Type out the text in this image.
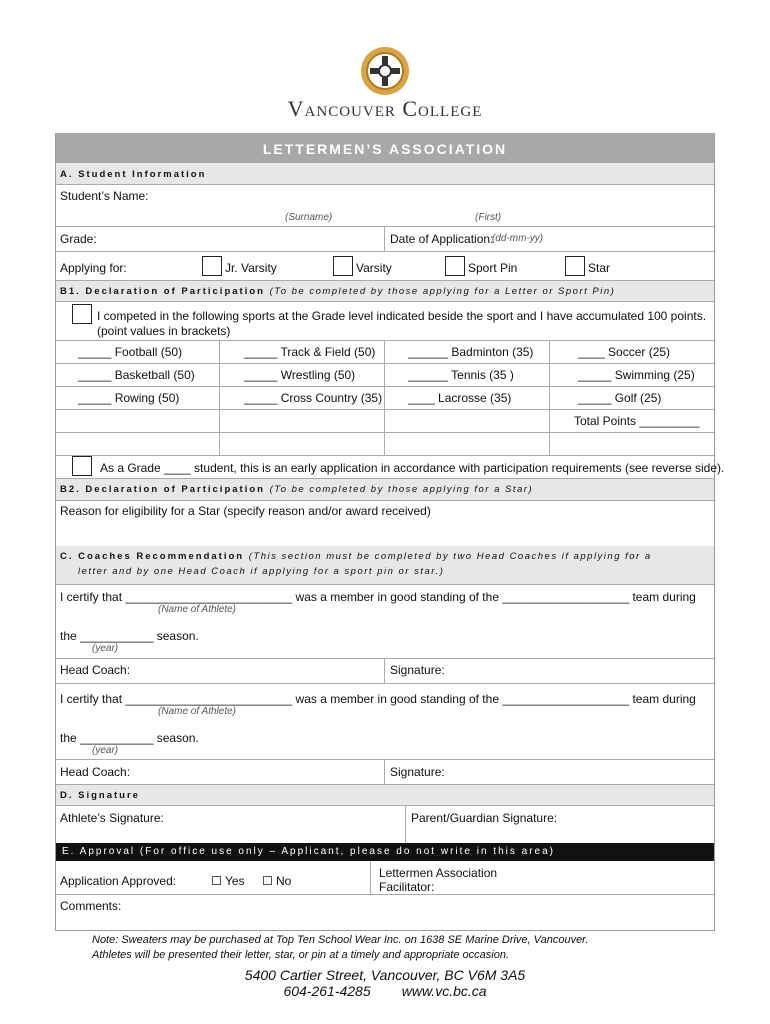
Vancouver College
LETTERMEN’S ASSOCIATION
A. Student Information
Student’s Name:
(Surname)	(First)
Grade:	Date of Application:
(dd-mm-yy)
Applying for:	Jr. Varsity	Varsity	Sport Pin	Star
B1. Declaration of Participation (To be completed by those applying for a Letter or Sport Pin)
I competed in the following sports at the Grade level indicated beside the sport and I have accumulated 100 points.
(point values in brackets)
_____ Football (50)	_____ Track & Field (50)	______ Badminton (35)	____ Soccer (25)
_____ Basketball (50)	_____ Wrestling (50)	______ Tennis (35 )	_____ Swimming (25)
_____ Rowing (50)	_____ Cross Country (35) ____ Lacrosse (35)	_____ Golf (25)
Total Points _________
As a Grade ____ student, this is an early application in accordance with participation requirements (see reverse side).
B2. Declaration of Participation (To be completed by those applying for a Star)
Reason for eligibility for a Star (specify reason and/or award received)
C. Coaches Recommendation (This section must be completed by two Head Coaches if applying for a
letter and by one Head Coach if applying for a sport pin or star.)
I certify that _________________________ was a member in good standing of the ___________________ team during
(Name of Athlete)
the ___________ season.
(year)
Head Coach:	Signature:
I certify that _________________________ was a member in good standing of the ___________________ team during
(Name of Athlete)
the ___________ season.
(year)
Head Coach:	Signature:
D. Signature
Athlete’s Signature:	Parent/Guardian Signature:
E. Approval (For office use only – Applicant, please do not write in this area)
Application Approved:	Yes	No
Lettermen Association
Facilitator:
Comments:
Note: Sweaters may be purchased at Top Ten School Wear Inc. on 1638 SE Marine Drive, Vancouver.
Athletes will be presented their letter, star, or pin at a timely and appropriate occasion.
5400 Cartier Street, Vancouver, BC V6M 3A5
604-261-4285 www.vc.bc.ca
